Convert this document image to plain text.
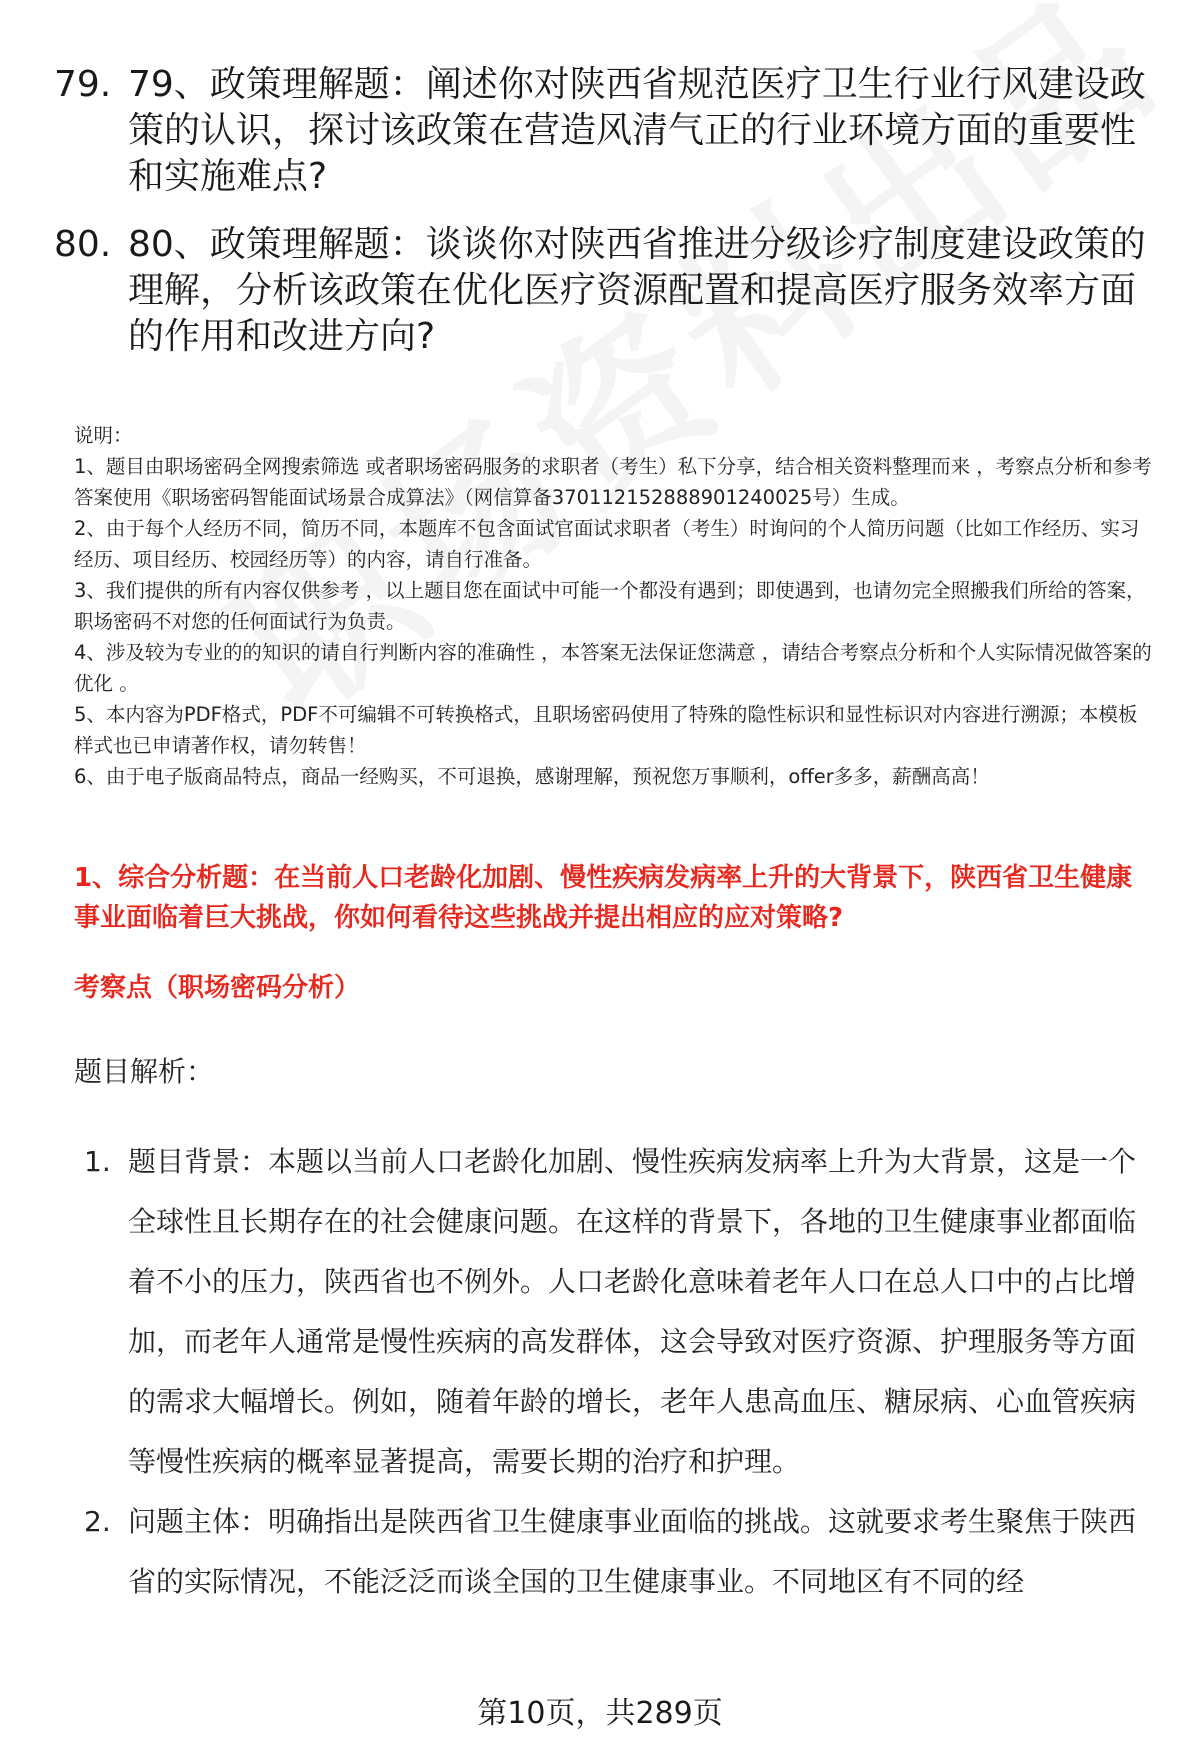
79. 79、政策理解题：阐述你对陕西省规范医疗卫生行业行风建设政策的认识，探讨该政策在营造风清气正的行业环境方面的重要性和实施难点?
80. 80、政策理解题：谈谈你对陕西省推进分级诊疗制度建设政策的理解，分析该政策在优化医疗资源配置和提高医疗服务效率方面的作用和改进方向?
说明：
1、题目由职场密码全网搜索筛选 或者职场密码服务的求职者（考生）私下分享，结合相关资料整理而来 ，考察点分析和参考答案使用《职场密码智能面试场景合成算法》（网信算备370112152888901240025号）生成。
2、由于每个人经历不同，简历不同，本题库不包含面试官面试求职者（考生）时询问的个人简历问题（比如工作经历、实习经历、项目经历、校园经历等）的内容，请自行准备。
3、我们提供的所有内容仅供参考 ，以上题目您在面试中可能一个都没有遇到；即使遇到，也请勿完全照搬我们所给的答案，职场密码不对您的任何面试行为负责。
4、涉及较为专业的的知识的请自行判断内容的准确性 ，本答案无法保证您满意 ，请结合考察点分析和个人实际情况做答案的优化 。
5、本内容为PDF格式，PDF不可编辑不可转换格式，且职场密码使用了特殊的隐性标识和显性标识对内容进行溯源；本模板样式也已申请著作权，请勿转售！
6、由于电子版商品特点，商品一经购买，不可退换，感谢理解，预祝您万事顺利，offer多多，薪酬高高！
1、综合分析题：在当前人口老龄化加剧、慢性疾病发病率上升的大背景下，陕西省卫生健康事业面临着巨大挑战，你如何看待这些挑战并提出相应的应对策略?
考察点（职场密码分析）
题目解析：
1. 题目背景：本题以当前人口老龄化加剧、慢性疾病发病率上升为大背景，这是一个全球性且长期存在的社会健康问题。在这样的背景下，各地的卫生健康事业都面临着不小的压力，陕西省也不例外。人口老龄化意味着老年人口在总人口中的占比增加，而老年人通常是慢性疾病的高发群体，这会导致对医疗资源、护理服务等方面的需求大幅增长。例如，随着年龄的增长，老年人患高血压、糖尿病、心血管疾病等慢性疾病的概率显著提高，需要长期的治疗和护理。
2. 问题主体：明确指出是陕西省卫生健康事业面临的挑战。这就要求考生聚焦于陕西省的实际情况，不能泛泛而谈全国的卫生健康事业。不同地区有不同的经
第10页，共289页
